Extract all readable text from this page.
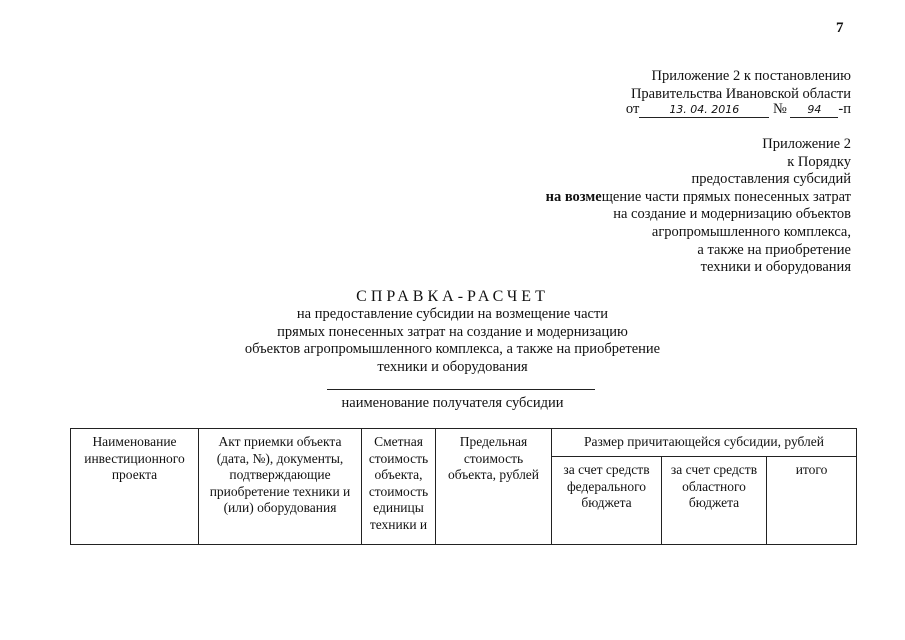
7
Приложение 2 к постановлению
Правительства Ивановской области
от	13. 04. 2016 № 94 -п
Приложение 2
к Порядку
предоставления субсидий
на возмещение части прямых понесенных затрат
на создание и модернизацию объектов
агропромышленного комплекса,
а также на приобретение
техники и оборудования
СПРАВКА-РАСЧЕТ
на предоставление субсидии на возмещение части
прямых понесенных затрат на создание и модернизацию
объектов агропромышленного комплекса, а также на приобретение
техники и оборудования
наименование получателя субсидии
Наименование инвестиционного проекта	Акт приемки объекта (дата, №), документы, подтверждающие приобретение техники и (или) оборудования	Сметная стоимость объекта, стоимость единицы техники и	Предельная стоимость объекта, рублей	Размер причитающейся субсидии, рублей		
				за счет средств федерального бюджета	за счет средств областного бюджета	итого
